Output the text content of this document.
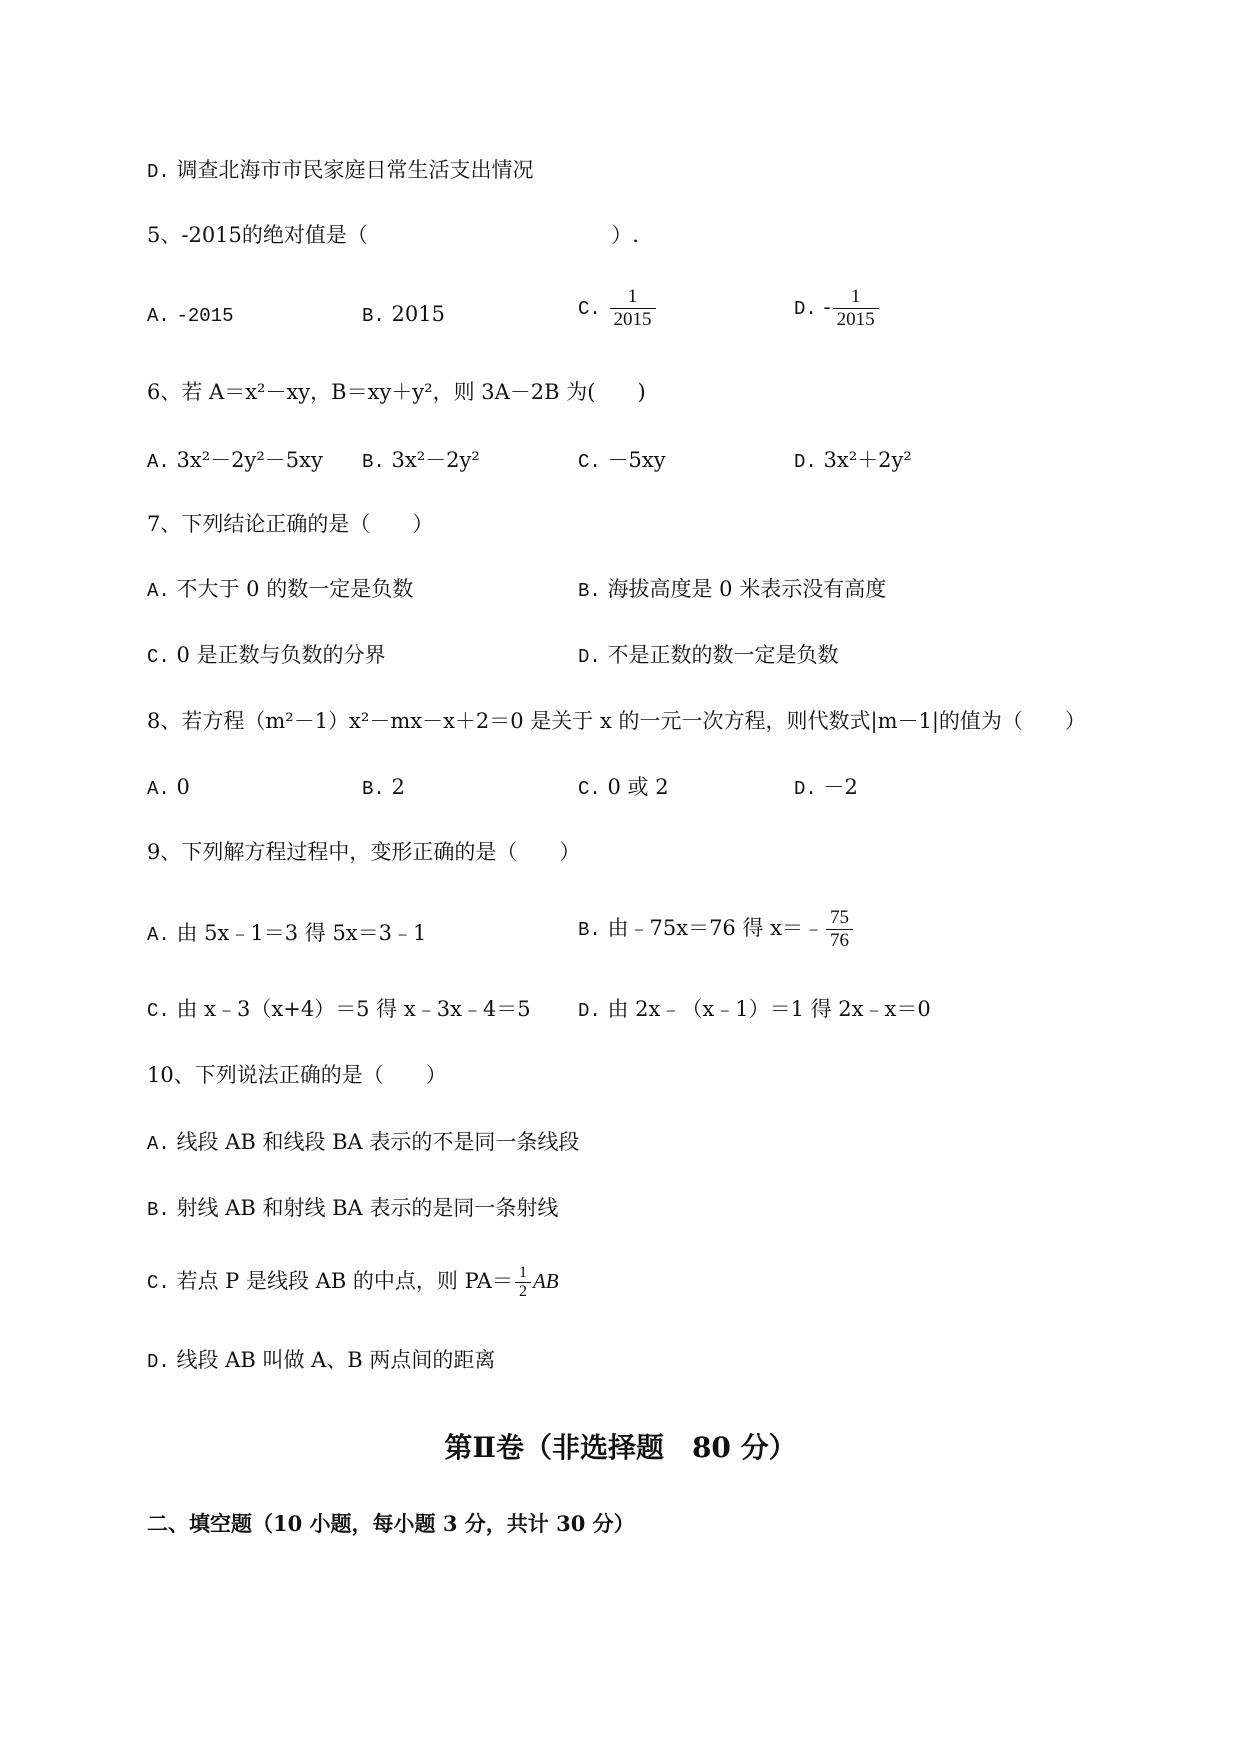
D. 调查北海市市民家庭日常生活支出情况
5、-2015的绝对值是（	）.
A. -2015	B. 2015	C. $\frac{1}{2015}$	D. - $\frac{1}{2015}$
6、若 A＝x²－xy，B＝xy＋y²，则 3A－2B 为(　　)
A. 3x²－2y²－5xy B. 3x²－2y²	C. －5xy	D. 3x²＋2y²
7、下列结论正确的是（　　）
A. 不大于 0 的数一定是负数	B. 海拔高度是 0 米表示没有高度
C. 0 是正数与负数的分界	D. 不是正数的数一定是负数
8、若方程（m²－1）x²－mx－x＋2＝0 是关于 x 的一元一次方程，则代数式|m－1|的值为（　　）
A. 0	B. 2	C. 0 或 2	D. －2
9、下列解方程过程中，变形正确的是（　　）
A. 由 5x﹣1＝3 得 5x＝3﹣1	B. 由﹣75x＝76 得 x＝﹣ $\frac{75}{76}$
C. 由 x﹣3（x+4）＝5 得 x﹣3x﹣4＝5 D. 由 2x﹣（x﹣1）＝1 得 2x﹣x＝0
10、下列说法正确的是（　　）
A. 线段 AB 和线段 BA 表示的不是同一条线段
B. 射线 AB 和射线 BA 表示的是同一条射线
C. 若点 P 是线段 AB 的中点，则 $PA= \frac{1}{2}$ AB
D. 线段 AB 叫做 A、B 两点间的距离
第Ⅱ卷（非选择题　80 分）
二、填空题（10 小题，每小题 3 分，共计 30 分）
